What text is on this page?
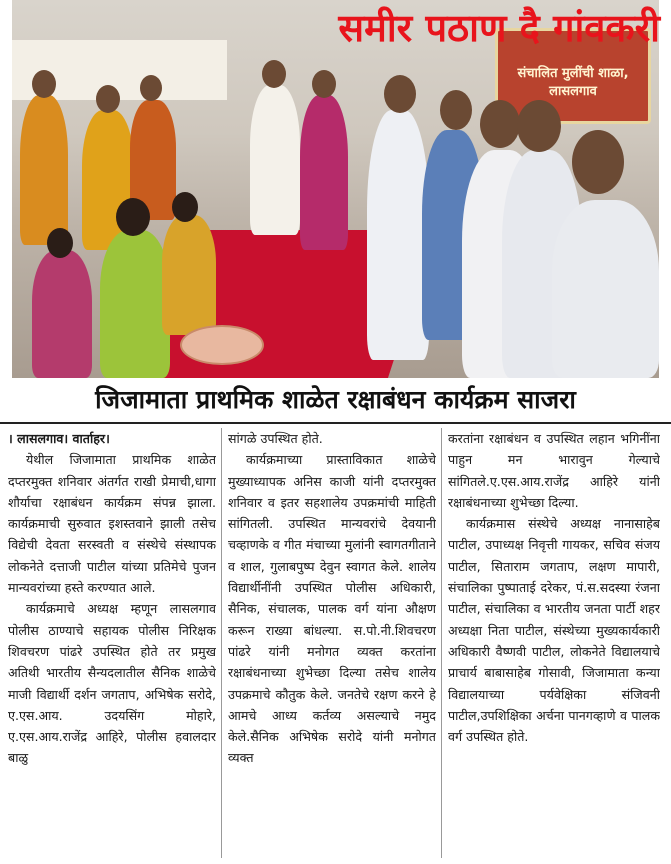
संचालित मुलींची शाळा, लासलगाव
समीर पठाण दै गांवकरी
जिजामाता प्राथमिक शाळेत रक्षाबंधन कार्यक्रम साजरा
। लासलगाव। वार्ताहर।

येथील जिजामाता प्राथमिक शाळेत दप्तरमुक्त शनिवार अंतर्गत राखी प्रेमाची,धागा शौर्याचा रक्षाबंधन कार्यक्रम संपन्न झाला. कार्यक्रमाची सुरुवात इशस्तवाने झाली तसेच विद्येची देवता सरस्वती व संस्थेचे संस्थापक लोकनेते दत्ताजी पाटील यांच्या प्रतिमेचे पुजन मान्यवरांच्या हस्ते करण्यात आले.

कार्यक्रमाचे अध्यक्ष म्हणून लासलगाव पोलीस ठाण्याचे सहायक पोलीस निरिक्षक शिवचरण पांढरे उपस्थित होते तर प्रमुख अतिथी भारतीय सैन्यदलातील सैनिक शाळेचे माजी विद्यार्थी दर्शन जगताप, अभिषेक सरोदे, ए.एस.आय. उदयसिंग मोहारे, ए.एस.आय.राजेंद्र आहिरे, पोलीस हवालदार बाळु

सांगळे उपस्थित होते.

कार्यक्रमाच्या प्रास्ताविकात शाळेचे मुख्याध्यापक अनिस काजी यांनी दप्तरमुक्त शनिवार व इतर सहशालेय उपक्रमांची माहिती सांगितली. उपस्थित मान्यवरांचे देवयानी चव्हाणके व गीत मंचाच्या मुलांनी स्वागतगीताने व शाल, गुलाबपुष्प देवुन स्वागत केले. शालेय विद्यार्थीनींनी उपस्थित पोलीस अधिकारी, सैनिक, संचालक, पालक वर्ग यांना औक्षण करून राख्या बांधल्या. स.पो.नी.शिवचरण पांढरे यांनी मनोगत व्यक्त करतांना रक्षाबंधनाच्या शुभेच्छा दिल्या तसेच शालेय उपक्रमाचे कौतुक केले. जनतेचे रक्षण करने हे आमचे आध्य कर्तव्य असल्याचे नमुद केले.सैनिक अभिषेक सरोदे यांनी मनोगत व्यक्त

करतांना रक्षाबंधन व उपस्थित लहान भगिनींना पाहुन मन भारावुन गेल्याचे सांगितले.ए.एस.आय.राजेंद्र आहिरे यांनी रक्षाबंधनाच्या शुभेच्छा दिल्या.

कार्यक्रमास संस्थेचे अध्यक्ष नानासाहेब पाटील, उपाध्यक्ष निवृत्ती गायकर, सचिव संजय पाटील, सिताराम जगताप, लक्षण मापारी, संचालिका पुष्पाताई दरेकर, पं.स.सदस्या रंजना पाटील, संचालिका व भारतीय जनता पार्टी शहर अध्यक्षा निता पाटील, संस्थेच्या मुख्यकार्यकारी अधिकारी वैष्णवी पाटील, लोकनेते विद्यालयाचे प्राचार्य बाबासाहेब गोसावी, जिजामाता कन्या विद्यालयाच्या पर्यवेक्षिका संजिवनी पाटील,उपशिक्षिका अर्चना पानगव्हाणे व पालक वर्ग उपस्थित होते.
